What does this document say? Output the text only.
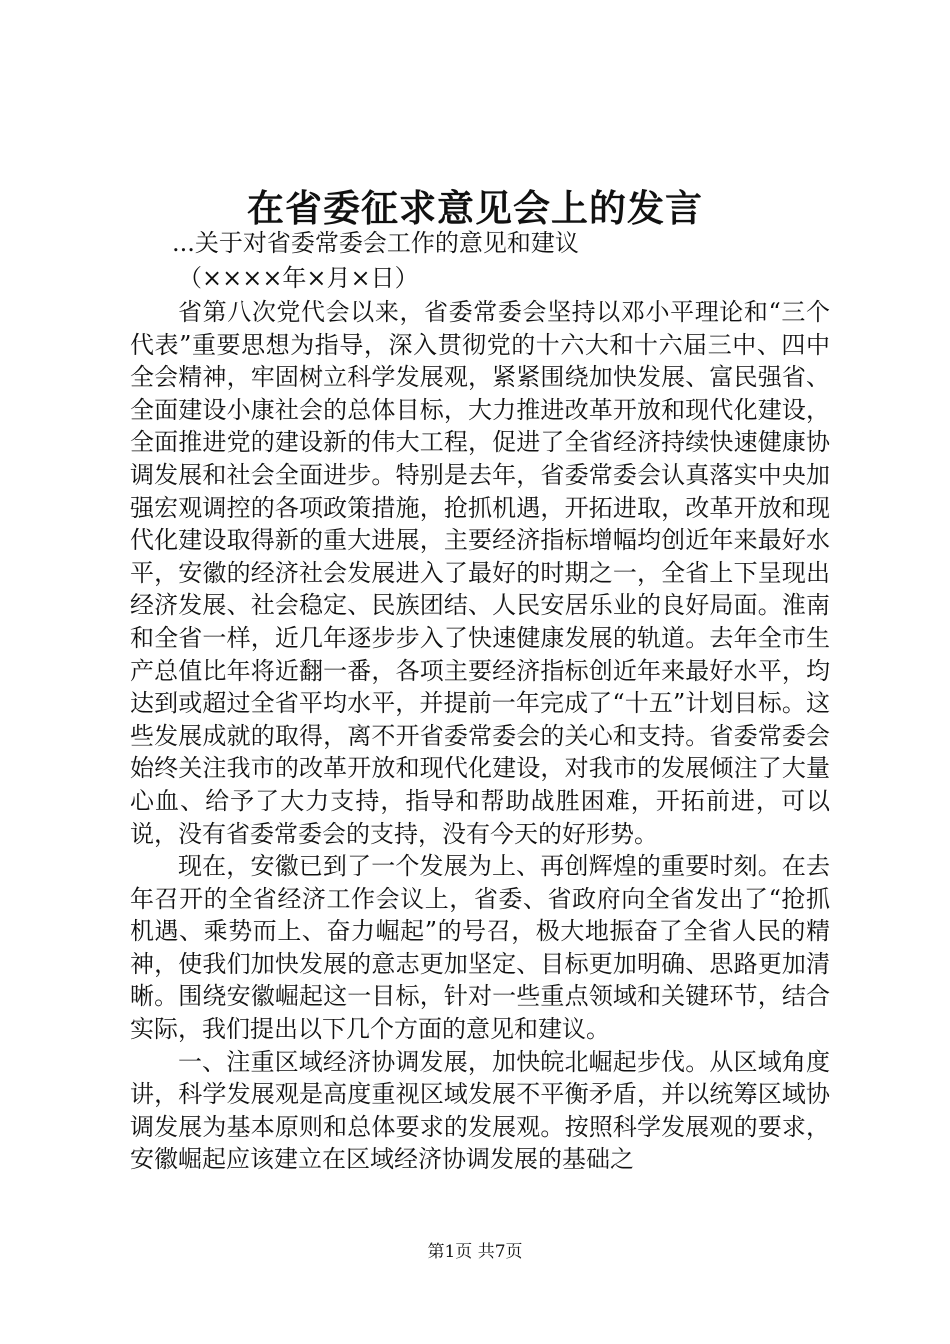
在省委征求意见会上的发言
...关于对省委常委会工作的意见和建议
（××××年×月×日）

省第八次党代会以来，省委常委会坚持以邓小平理论和“三个代表”重要思想为指导，深入贯彻党的十六大和十六届三中、四中全会精神，牢固树立科学发展观，紧紧围绕加快发展、富民强省、全面建设小康社会的总体目标，大力推进改革开放和现代化建设，全面推进党的建设新的伟大工程，促进了全省经济持续快速健康协调发展和社会全面进步。特别是去年，省委常委会认真落实中央加强宏观调控的各项政策措施，抢抓机遇，开拓进取，改革开放和现代化建设取得新的重大进展，主要经济指标增幅均创近年来最好水平，安徽的经济社会发展进入了最好的时期之一，全省上下呈现出经济发展、社会稳定、民族团结、人民安居乐业的良好局面。淮南和全省一样，近几年逐步步入了快速健康发展的轨道。去年全市生产总值比年将近翻一番，各项主要经济指标创近年来最好水平，均达到或超过全省平均水平，并提前一年完成了“十五”计划目标。这些发展成就的取得，离不开省委常委会的关心和支持。省委常委会始终关注我市的改革开放和现代化建设，对我市的发展倾注了大量心血、给予了大力支持，指导和帮助战胜困难，开拓前进，可以说，没有省委常委会的支持，没有今天的好形势。

现在，安徽已到了一个发展为上、再创辉煌的重要时刻。在去年召开的全省经济工作会议上，省委、省政府向全省发出了“抢抓机遇、乘势而上、奋力崛起”的号召，极大地振奋了全省人民的精神，使我们加快发展的意志更加坚定、目标更加明确、思路更加清晰。围绕安徽崛起这一目标，针对一些重点领域和关键环节，结合实际，我们提出以下几个方面的意见和建议。

一、注重区域经济协调发展，加快皖北崛起步伐。从区域角度讲，科学发展观是高度重视区域发展不平衡矛盾，并以统筹区域协调发展为基本原则和总体要求的发展观。按照科学发展观的要求，安徽崛起应该建立在区域经济协调发展的基础之

第1页 共7页
